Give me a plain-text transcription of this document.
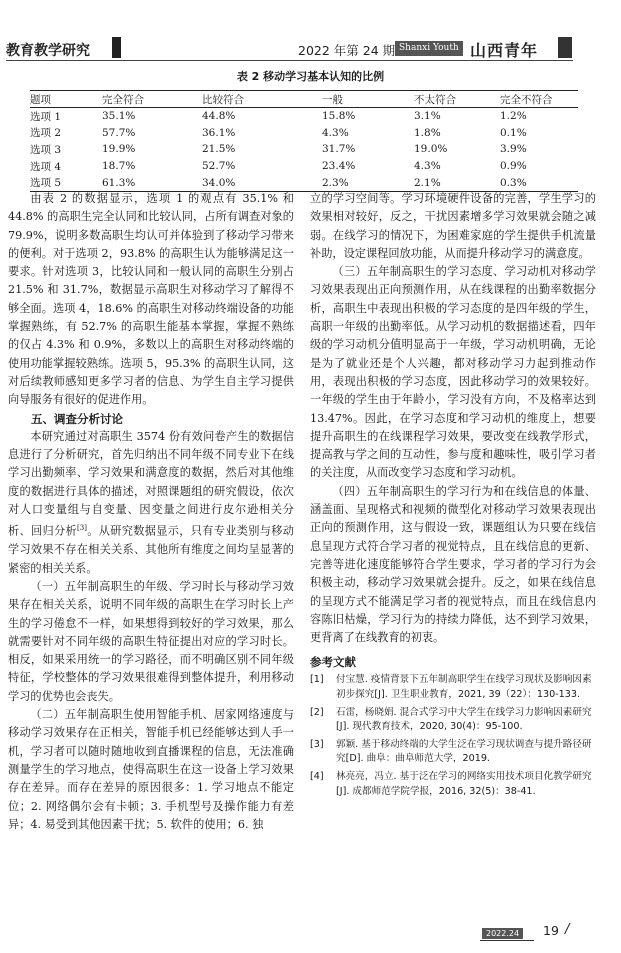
教育教学研究	2022 年第 24 期 Shanxi Youth 山西青年
表 2 移动学习基本认知的比例
题项	完全符合	比较符合	一般	不太符合	完全不符合
选项 1	35.1%	44.8%	15.8%	3.1%	1.2%
选项 2	57.7%	36.1%	4.3%	1.8%	0.1%
选项 3	19.9%	21.5%	31.7%	19.0%	3.9%
选项 4	18.7%	52.7%	23.4%	4.3%	0.9%
选项 5	61.3%	34.0%	2.3%	2.1%	0.3%

由表 2 的数据显示，选项 1 的观点有 35.1% 和 44.8% 的高职生完全认同和比较认同，占所有调查对象的 79.9%，说明多数高职生均认可并体验到了移动学习带来的便利。对于选项 2，93.8% 的高职生认为能够满足这一要求。针对选项 3，比较认同和一般认同的高职生分别占 21.5% 和 31.7%，数据显示高职生对移动学习了解得不够全面。选项 4，18.6% 的高职生对移动终端设备的功能掌握熟练，有 52.7% 的高职生能基本掌握，掌握不熟练的仅占 4.3% 和 0.9%，多数以上的高职生对移动终端的使用功能掌握较熟练。选项 5，95.3% 的高职生认同，这对后续教师感知更多学习者的信息、为学生自主学习提供向导服务有很好的促进作用。

五、调查分析讨论

本研究通过对高职生 3574 份有效问卷产生的数据信息进行了分析研究，首先归纳出不同年级不同专业下在线学习出勤频率、学习效果和满意度的数据，然后对其他维度的数据进行具体的描述，对照课题组的研究假设，依次对人口变量组与自变量、因变量之间进行皮尔逊相关分析、回归分析[3]。从研究数据显示，只有专业类别与移动学习效果不存在相关关系、其他所有维度之间均呈显著的紧密的相关关系。

（一）五年制高职生的年级、学习时长与移动学习效果存在相关关系，说明不同年级的高职生在学习时长上产生的学习倦怠不一样，如果想得到较好的学习效果，那么就需要针对不同年级的高职生特征提出对应的学习时长。相反，如果采用统一的学习路径，而不明确区别不同年级特征，学校整体的学习效果很难得到整体提升，利用移动学习的优势也会丧失。

（二）五年制高职生使用智能手机、居家网络速度与移动学习效果存在正相关，智能手机已经能够达到人手一机，学习者可以随时随地收到直播课程的信息，无法准确测量学生的学习地点，使得高职生在这一设备上学习效果存在差异。而存在差异的原因很多：1. 学习地点不能定位；2. 网络偶尔会有卡顿；3. 手机型号及操作能力有差异；4. 易受到其他因素干扰；5. 软件的使用；6. 独

立的学习空间等。学习环境硬件设备的完善，学生学习的效果相对较好，反之，干扰因素增多学习效果就会随之减弱。在线学习的情况下，为困难家庭的学生提供手机流量补助，设定课程回放功能，从而提升移动学习的满意度。

（三）五年制高职生的学习态度、学习动机对移动学习效果表现出正向预测作用，从在线课程的出勤率数据分析，高职生中表现出积极的学习态度的是四年级的学生，高职一年级的出勤率低。从学习动机的数据描述看，四年级的学习动机分值明显高于一年级，学习动机明确，无论是为了就业还是个人兴趣，都对移动学习力起到推动作用，表现出积极的学习态度，因此移动学习的效果较好。一年级的学生由于年龄小，学习没有方向，不及格率达到 13.47%。因此，在学习态度和学习动机的维度上，想要提升高职生的在线课程学习效果，要改变在线教学形式，提高教与学之间的互动性，参与度和趣味性，吸引学习者的关注度，从而改变学习态度和学习动机。

（四）五年制高职生的学习行为和在线信息的体量、涵盖面、呈现格式和视频的微型化对移动学习效果表现出正向的预测作用，这与假设一致，课题组认为只要在线信息呈现方式符合学习者的视觉特点，且在线信息的更新、完善等进化速度能够符合学生要求，学习者的学习行为会积极主动，移动学习效果就会提升。反之，如果在线信息的呈现方式不能满足学习者的视觉特点，而且在线信息内容陈旧枯燥，学习行为的持续力降低，达不到学习效果，更背离了在线教育的初衷。

参考文献
[1]	付宝慧. 疫情背景下五年制高职学生在线学习现状及影响因素初步探究[J]. 卫生职业教育，2021, 39（22）：130-133.
[2]	石雷，杨晓娟. 混合式学习中大学生在线学习力影响因素研究[J]. 现代教育技术，2020, 30(4)：95-100.
[3]	郭颖. 基于移动终端的大学生泛在学习现状调查与提升路径研究[D]. 曲阜：曲阜师范大学，2019.
[4]	林亮亮，冯立. 基于泛在学习的网络实用技术项目化教学研究[J]. 成都师范学院学报，2016, 32(5)：38-41.
2022.24	19 /
